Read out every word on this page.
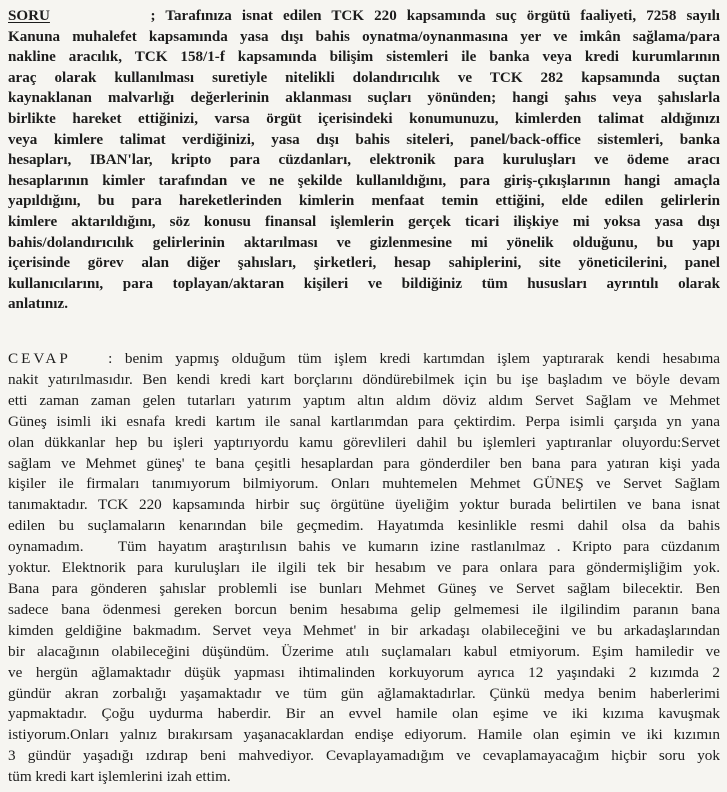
SORU          ; Tarafınıza isnat edilen TCK 220 kapsamında suç örgütü faaliyeti, 7258 sayılı
Kanuna muhalefet kapsamında yasa dışı bahis oynatma/oynanmasına yer ve imkân sağlama/para
nakline aracılık, TCK 158/1-f kapsamında bilişim sistemleri ile banka veya kredi kurumlarının
araç olarak kullanılması suretiyle nitelikli dolandırıcılık ve TCK 282 kapsamında suçtan
kaynaklanan malvarlığı değerlerinin aklanması suçları yönünden; hangi şahıs veya şahıslarla
birlikte hareket ettiğinizi, varsa örgüt içerisindeki konumunuzu, kimlerden talimat aldığınızı
veya kimlere talimat verdiğinizi, yasa dışı bahis siteleri, panel/back-office sistemleri, banka
hesapları, IBAN'lar, kripto para cüzdanları, elektronik para kuruluşları ve ödeme aracı
hesaplarının kimler tarafından ve ne şekilde kullanıldığını, para giriş-çıkışlarının hangi amaçla
yapıldığını, bu para hareketlerinden kimlerin menfaat temin ettiğini, elde edilen gelirlerin
kimlere aktarıldığını, söz konusu finansal işlemlerin gerçek ticari ilişkiye mi yoksa yasa dışı
bahis/dolandırıcılık gelirlerinin aktarılması ve gizlenmesine mi yönelik olduğunu, bu yapı
içerisinde görev alan diğer şahısları, şirketleri, hesap sahiplerini, site yöneticilerini, panel
kullanıcılarını, para toplayan/aktaran kişileri ve bildiğiniz tüm hususları ayrıntılı olarak
anlatınız.
CEVAP   : benim yapmış olduğum tüm işlem kredi kartımdan işlem yaptırarak kendi hesabıma
nakit yatırılmasıdır. Ben kendi kredi kart borçlarını döndürebilmek için bu işe başladım ve böyle devam
etti zaman zaman gelen tutarları yatırım yaptım altın aldım döviz aldım Servet Sağlam ve Mehmet
Güneş isimli iki esnafa kredi kartım ile sanal kartlarımdan para çektirdim. Perpa isimli çarşıda yn yana
olan dükkanlar hep bu işleri yaptırıyordu kamu görevlileri dahil bu işlemleri yaptıranlar oluyordu:Servet
sağlam ve Mehmet güneş' te bana çeşitli hesaplardan para gönderdiler ben bana para yatıran kişi yada
kişiler ile firmaları tanımıyorum bilmiyorum. Onları muhtemelen Mehmet GÜNEŞ ve Servet Sağlam
tanımaktadır. TCK 220 kapsamında hirbir suç örgütüne üyeliğim yoktur burada belirtilen ve bana isnat
edilen bu suçlamaların kenarından bile geçmedim. Hayatımda kesinlikle resmi dahil olsa da bahis
oynamadım.   Tüm hayatım araştırılısın bahis ve kumarın izine rastlanılmaz . Kripto para cüzdanım
yoktur. Elektnorik para kuruluşları ile ilgili tek bir hesabım ve para onlara para göndermişliğim yok.
Bana para gönderen şahıslar problemli ise bunları Mehmet Güneş ve Servet sağlam bilecektir. Ben
sadece bana ödenmesi gereken borcun benim hesabıma gelip gelmemesi ile ilgilindim paranın bana
kimden geldiğine bakmadım. Servet veya Mehmet' in bir arkadaşı olabileceğini ve bu arkadaşlarından
bir alacağının olabileceğini düşündüm. Üzerime atılı suçlamaları kabul etmiyorum. Eşim hamiledir ve
ve hergün ağlamaktadır düşük yapması ihtimalinden korkuyorum ayrıca 12 yaşındaki 2 kızımda 2
gündür akran zorbalığı yaşamaktadır ve tüm gün ağlamaktadırlar. Çünkü medya benim haberlerimi
yapmaktadır. Çoğu uydurma haberdir. Bir an evvel hamile olan eşime ve iki kızıma kavuşmak
istiyorum.Onları yalnız bırakırsam yaşanacaklardan endişe ediyorum. Hamile olan eşimin ve iki kızımın
3 gündür yaşadığı ızdırap beni mahvediyor. Cevaplayamadığım ve cevaplamayacağım hiçbir soru yok
tüm kredi kart işlemlerini izah ettim.
